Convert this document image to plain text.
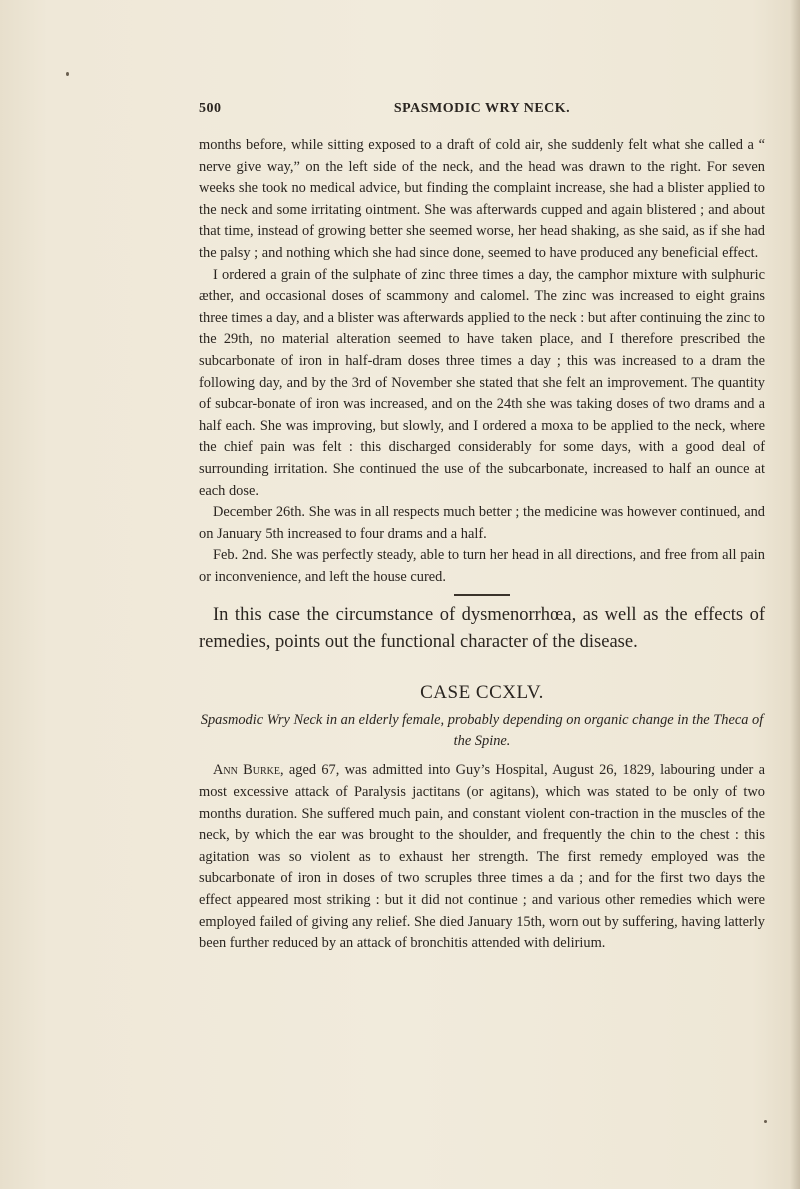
500	SPASMODIC WRY NECK.

months before, while sitting exposed to a draft of cold air, she suddenly felt what she called a “ nerve give way,” on the left side of the neck, and the head was drawn to the right. For seven weeks she took no medical advice, but finding the complaint increase, she had a blister applied to the neck and some irritating ointment. She was afterwards cupped and again blistered ; and about that time, instead of growing better she seemed worse, her head shaking, as she said, as if she had the palsy ; and nothing which she had since done, seemed to have produced any beneficial effect.

I ordered a grain of the sulphate of zinc three times a day, the camphor mixture with sulphuric æther, and occasional doses of scammony and calomel. The zinc was increased to eight grains three times a day, and a blister was afterwards applied to the neck : but after continuing the zinc to the 29th, no material alteration seemed to have taken place, and I therefore prescribed the subcarbonate of iron in half-dram doses three times a day ; this was increased to a dram the following day, and by the 3rd of November she stated that she felt an improvement. The quantity of subcar-bonate of iron was increased, and on the 24th she was taking doses of two drams and a half each. She was improving, but slowly, and I ordered a moxa to be applied to the neck, where the chief pain was felt : this discharged considerably for some days, with a good deal of surrounding irritation. She continued the use of the subcarbonate, increased to half an ounce at each dose.

December 26th. She was in all respects much better ; the medicine was however continued, and on January 5th increased to four drams and a half.

Feb. 2nd. She was perfectly steady, able to turn her head in all directions, and free from all pain or inconvenience, and left the house cured.

In this case the circumstance of dysmenorrhœa, as well as the effects of remedies, points out the functional character of the disease.

CASE CCXLV.
Spasmodic Wry Neck in an elderly female, probably depending on organic change in the Theca of the Spine.

Ann Burke, aged 67, was admitted into Guy’s Hospital, August 26, 1829, labouring under a most excessive attack of Paralysis jactitans (or agitans), which was stated to be only of two months duration. She suffered much pain, and constant violent con-traction in the muscles of the neck, by which the ear was brought to the shoulder, and frequently the chin to the chest : this agitation was so violent as to exhaust her strength. The first remedy employed was the subcarbonate of iron in doses of two scruples three times a da ; and for the first two days the effect appeared most striking : but it did not continue ; and various other remedies which were employed failed of giving any relief. She died January 15th, worn out by suffering, having latterly been further reduced by an attack of bronchitis attended with delirium.
